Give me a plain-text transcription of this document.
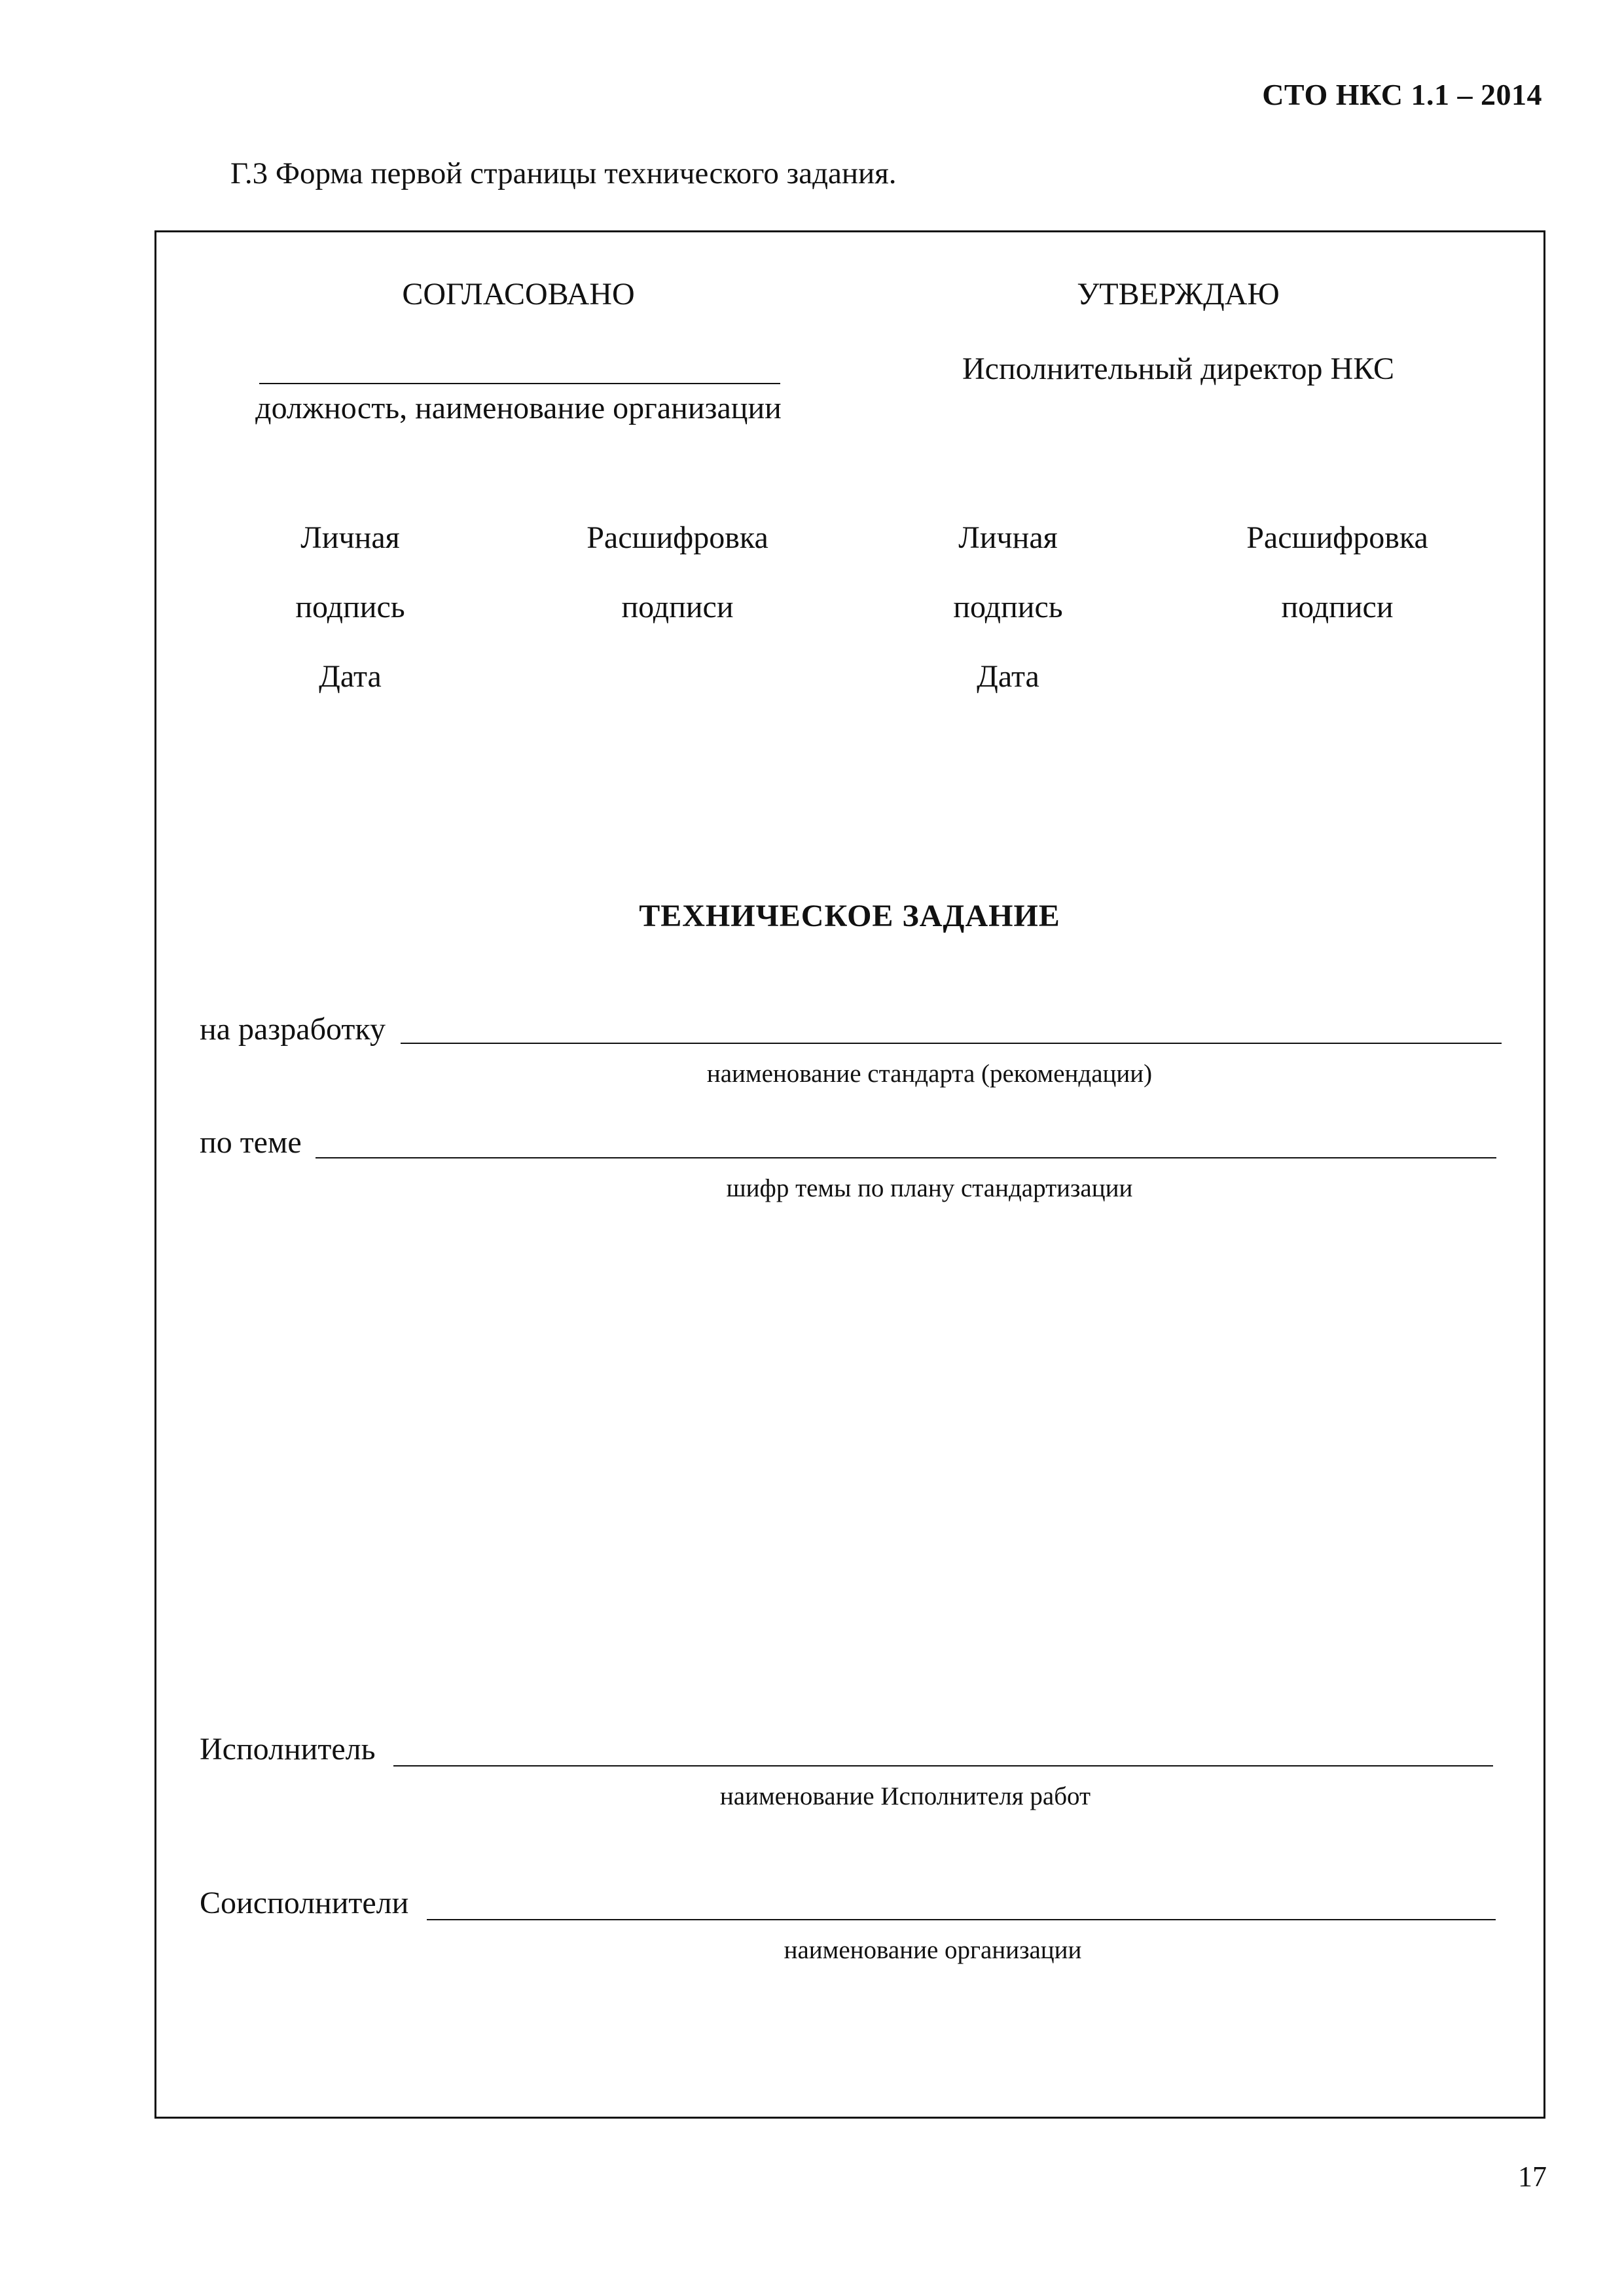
СТО НКС 1.1 – 2014
Г.3 Форма первой страницы технического задания.
СОГЛАСОВАНО
должность, наименование организации
Личная
подпись
Дата
Расшифровка
подписи
УТВЕРЖДАЮ
Исполнительный директор НКС
Личная
подпись
Дата
Расшифровка
подписи
ТЕХНИЧЕСКОЕ ЗАДАНИЕ
на разработку
наименование стандарта (рекомендации)
по теме
шифр темы по плану стандартизации
Исполнитель
наименование Исполнителя работ
Соисполнители
наименование организации
17
